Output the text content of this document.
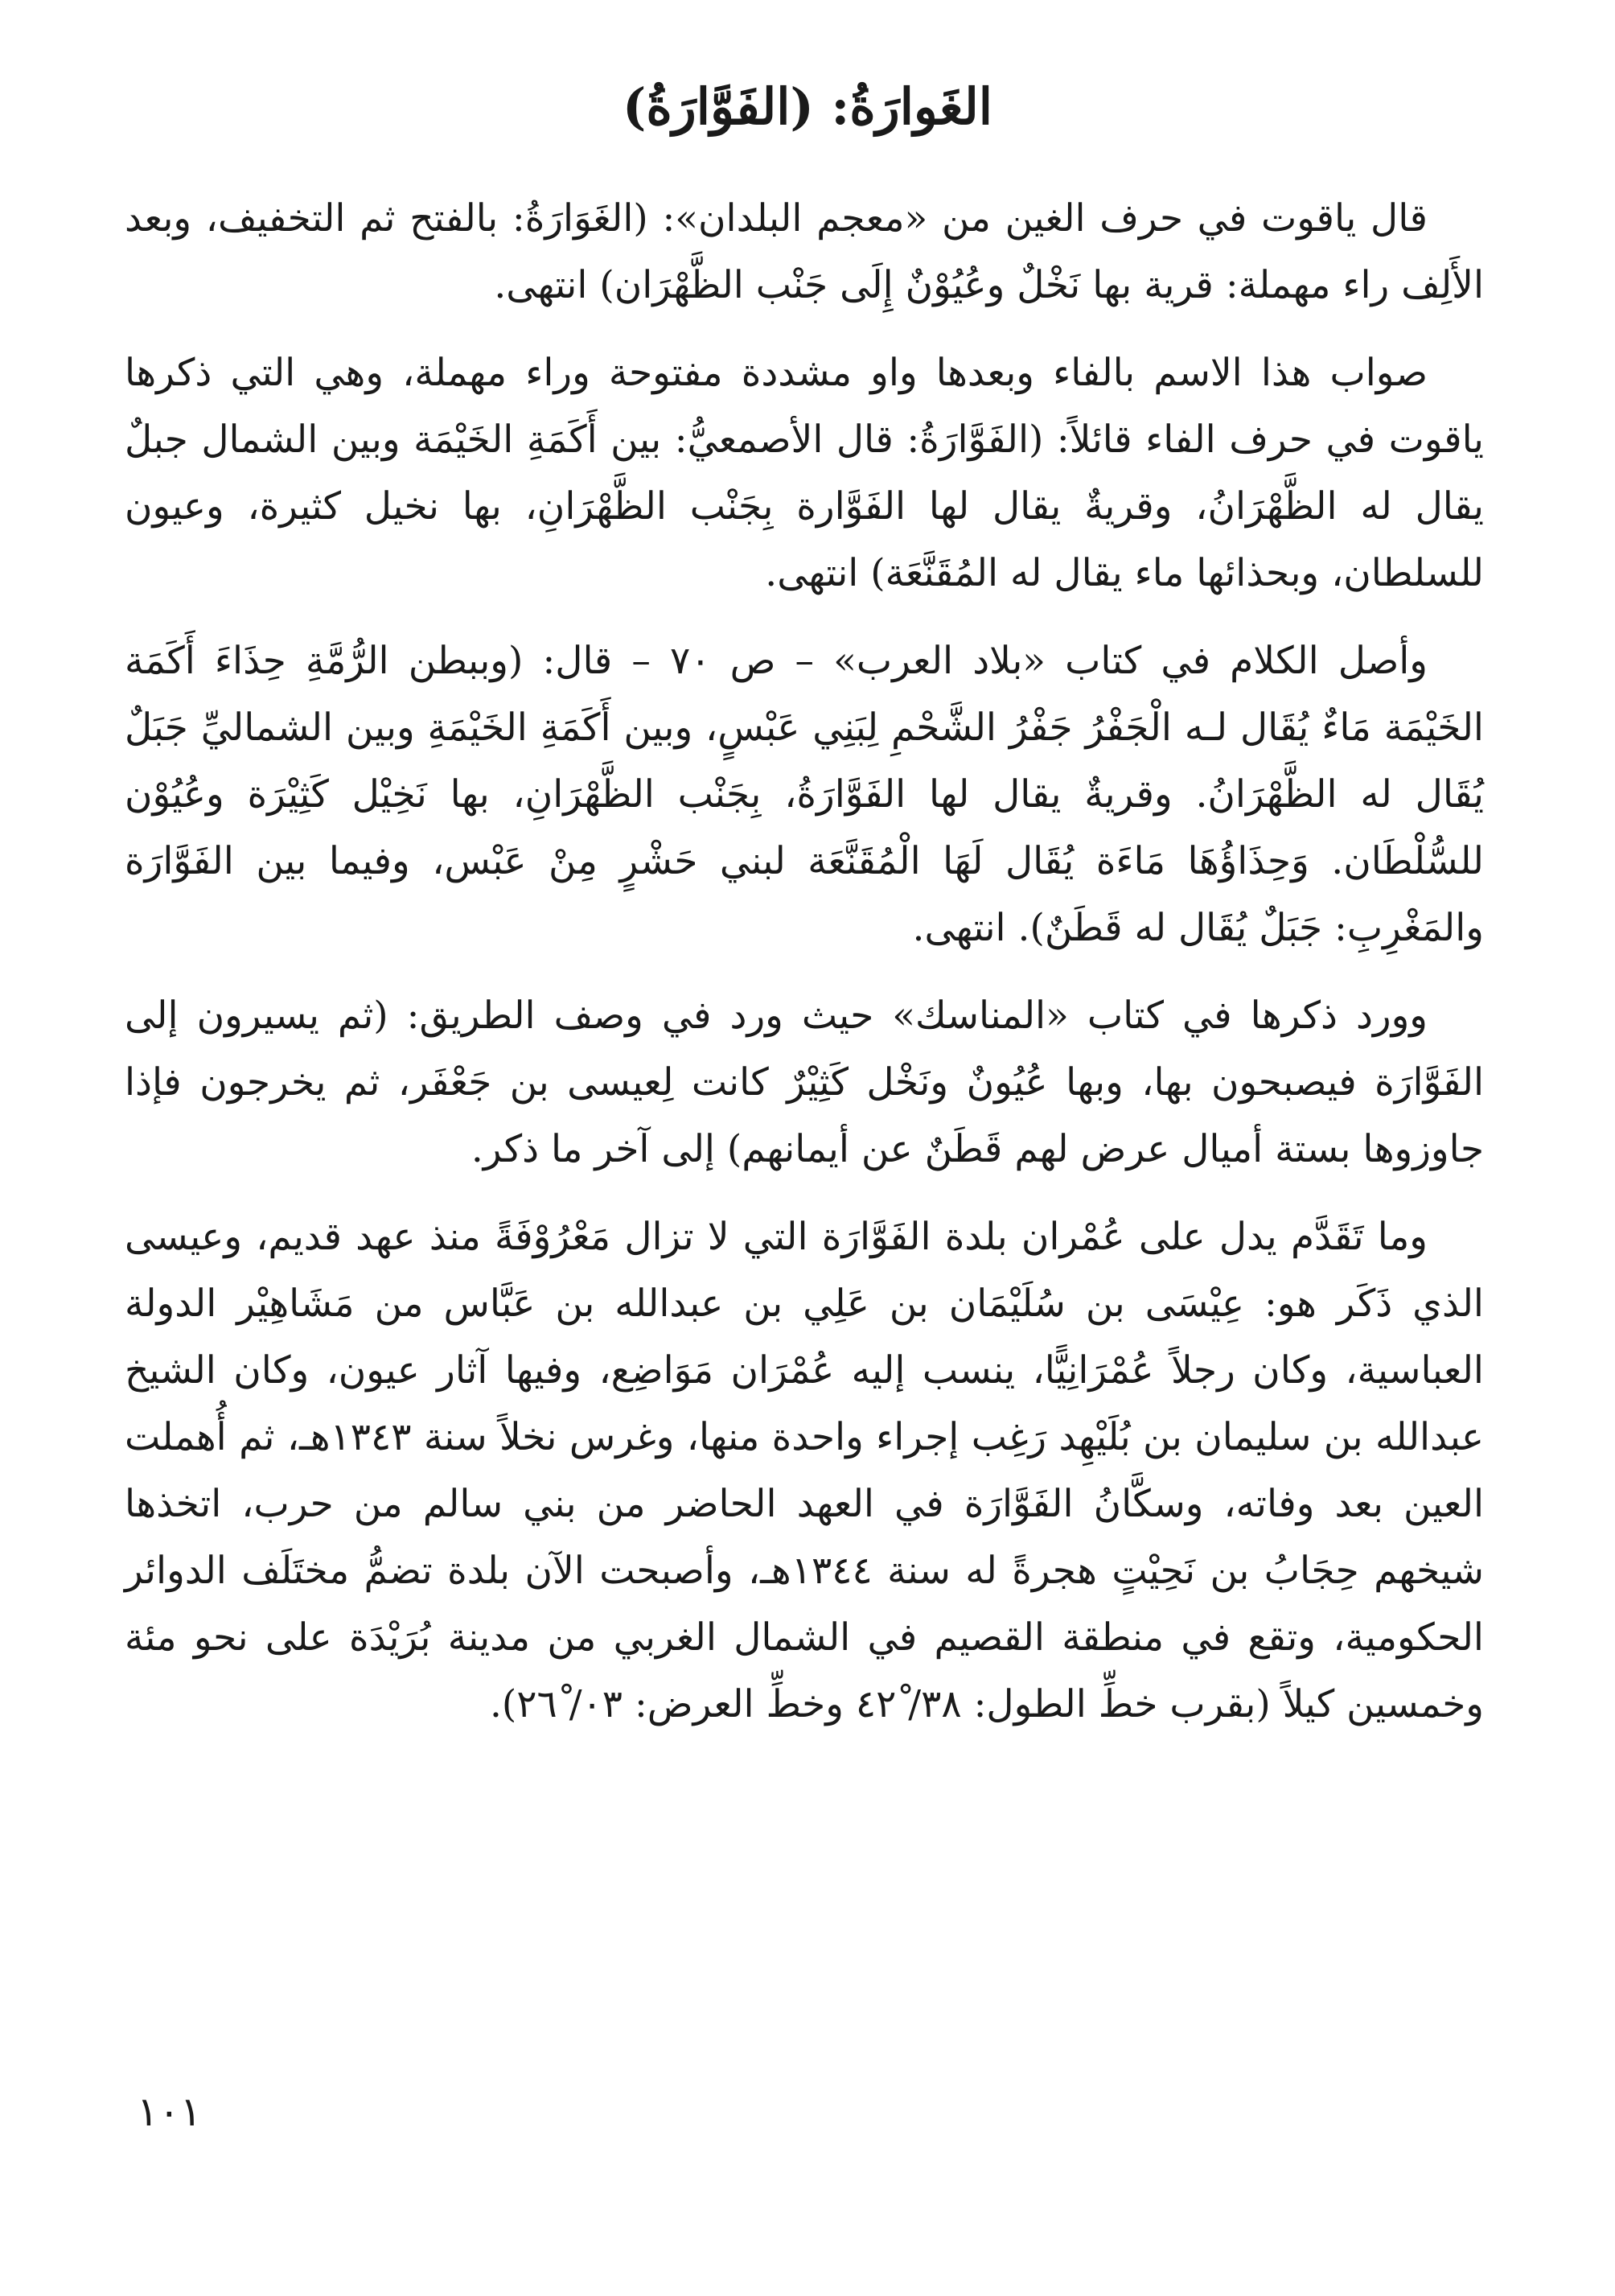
الغَوارَةُ: (الفَوَّارَةُ)

قال ياقوت في حرف الغين من «معجم البلدان»: (الغَوَارَةُ: بالفتح ثم التخفيف، وبعد الأَلِف راء مهملة: قرية بها نَخْلٌ وعُيُوْنٌ إِلَى جَنْب الظَّهْرَان) انتهى.

صواب هذا الاسم بالفاء وبعدها واو مشددة مفتوحة وراء مهملة، وهي التي ذكرها ياقوت في حرف الفاء قائلاً: (الفَوَّارَةُ: قال الأصمعيُّ: بين أَكَمَةِ الخَيْمَة وبين الشمال جبلٌ يقال له الظَّهْرَانُ، وقريةٌ يقال لها الفَوَّارة بِجَنْب الظَّهْرَانِ، بها نخيل كثيرة، وعيون للسلطان، وبحذائها ماء يقال له المُقَنَّعَة) انتهى.

وأصل الكلام في كتاب «بلاد العرب» – ص ٧٠ – قال: (وببطن الرُّمَّةِ حِذَاءَ أَكَمَة الخَيْمَة مَاءٌ يُقَال لـه الْجَفْرُ جَفْرُ الشَّحْمِ لِبَنِي عَبْسٍ، وبين أَكَمَةِ الخَيْمَةِ وبين الشماليِّ جَبَلٌ يُقَال له الظَّهْرَانُ. وقريةٌ يقال لها الفَوَّارَةُ، بِجَنْب الظَّهْرَانِ، بها نَخِيْل كَثِيْرَة وعُيُوْن للسُّلْطَان. وَحِذَاؤُهَا مَاءَة يُقَال لَهَا الْمُقَنَّعَة لبني حَشْرٍ مِنْ عَبْس، وفيما بين الفَوَّارَة والمَغْرِبِ: جَبَلٌ يُقَال له قَطَنٌ). انتهى.

وورد ذكرها في كتاب «المناسك» حيث ورد في وصف الطريق: (ثم يسيرون إلى الفَوَّارَة فيصبحون بها، وبها عُيُونٌ ونَخْل كَثِيْرٌ كانت لِعيسى بن جَعْفَر، ثم يخرجون فإذا جاوزوها بستة أميال عرض لهم قَطَنٌ عن أيمانهم) إلى آخر ما ذكر.

وما تَقَدَّم يدل على عُمْران بلدة الفَوَّارَة التي لا تزال مَعْرُوْفَةً منذ عهد قديم، وعيسى الذي ذَكَر هو: عِيْسَى بن سُلَيْمَان بن عَلِي بن عبدالله بن عَبَّاس من مَشَاهِيْر الدولة العباسية، وكان رجلاً عُمْرَانِيًّا، ينسب إليه عُمْرَان مَوَاضِع، وفيها آثار عيون، وكان الشيخ عبدالله بن سليمان بن بُلَيْهِد رَغِب إجراء واحدة منها، وغرس نخلاً سنة ١٣٤٣هـ، ثم أُهملت العين بعد وفاته، وسكَّانُ الفَوَّارَة في العهد الحاضر من بني سالم من حرب، اتخذها شيخهم حِجَابُ بن نَحِيْتٍ هجرةً له سنة ١٣٤٤هـ، وأصبحت الآن بلدة تضمُّ مختَلَف الدوائر الحكومية، وتقع في منطقة القصيم في الشمال الغربي من مدينة بُرَيْدَة على نحو مئة وخمسين كيلاً (بقرب خطِّ الطول: ٣٨/ ٤٢ْ وخطِّ العرض: ٠٣/ ٢٦ْ).

١٠١
